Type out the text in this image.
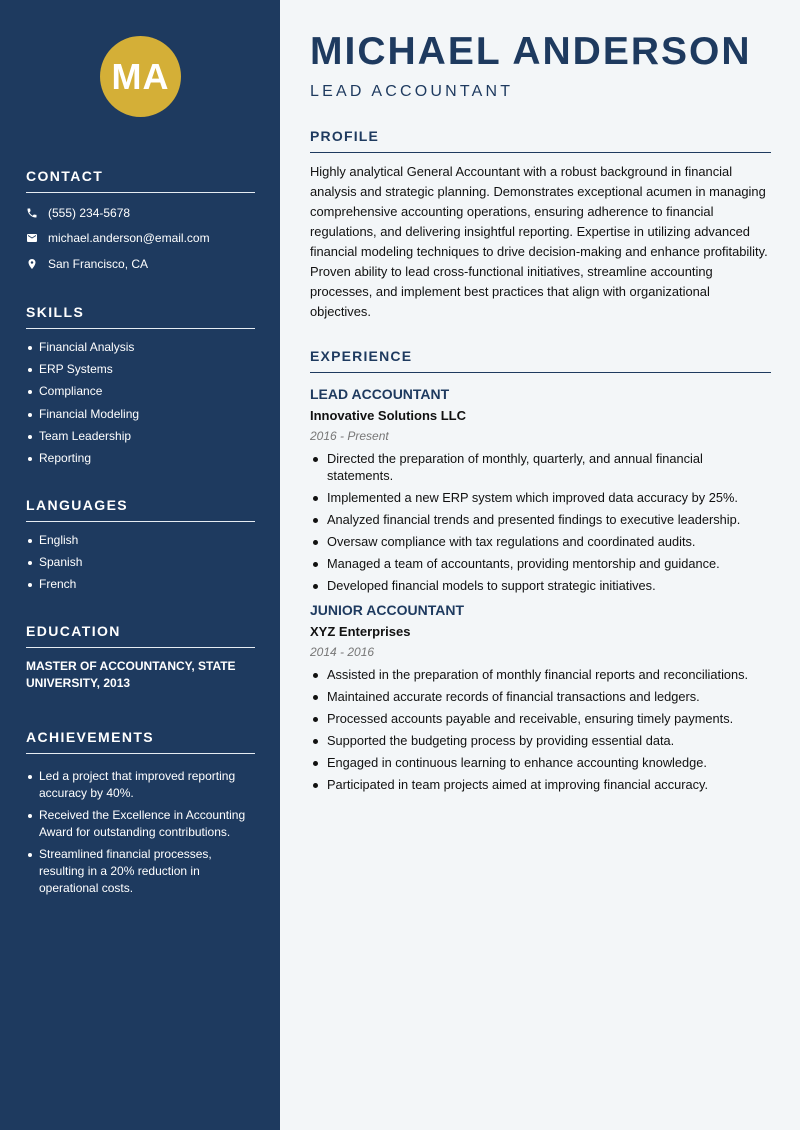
MA
CONTACT
(555) 234-5678
michael.anderson@email.com
San Francisco, CA
SKILLS
Financial Analysis
ERP Systems
Compliance
Financial Modeling
Team Leadership
Reporting
LANGUAGES
English
Spanish
French
EDUCATION
MASTER OF ACCOUNTANCY, STATE UNIVERSITY, 2013
ACHIEVEMENTS
Led a project that improved reporting accuracy by 40%.
Received the Excellence in Accounting Award for outstanding contributions.
Streamlined financial processes, resulting in a 20% reduction in operational costs.
MICHAEL ANDERSON
LEAD ACCOUNTANT
PROFILE
Highly analytical General Accountant with a robust background in financial analysis and strategic planning. Demonstrates exceptional acumen in managing comprehensive accounting operations, ensuring adherence to financial regulations, and delivering insightful reporting. Expertise in utilizing advanced financial modeling techniques to drive decision-making and enhance profitability. Proven ability to lead cross-functional initiatives, streamline accounting processes, and implement best practices that align with organizational objectives.
EXPERIENCE
LEAD ACCOUNTANT
Innovative Solutions LLC
2016 - Present
Directed the preparation of monthly, quarterly, and annual financial statements.
Implemented a new ERP system which improved data accuracy by 25%.
Analyzed financial trends and presented findings to executive leadership.
Oversaw compliance with tax regulations and coordinated audits.
Managed a team of accountants, providing mentorship and guidance.
Developed financial models to support strategic initiatives.
JUNIOR ACCOUNTANT
XYZ Enterprises
2014 - 2016
Assisted in the preparation of monthly financial reports and reconciliations.
Maintained accurate records of financial transactions and ledgers.
Processed accounts payable and receivable, ensuring timely payments.
Supported the budgeting process by providing essential data.
Engaged in continuous learning to enhance accounting knowledge.
Participated in team projects aimed at improving financial accuracy.
